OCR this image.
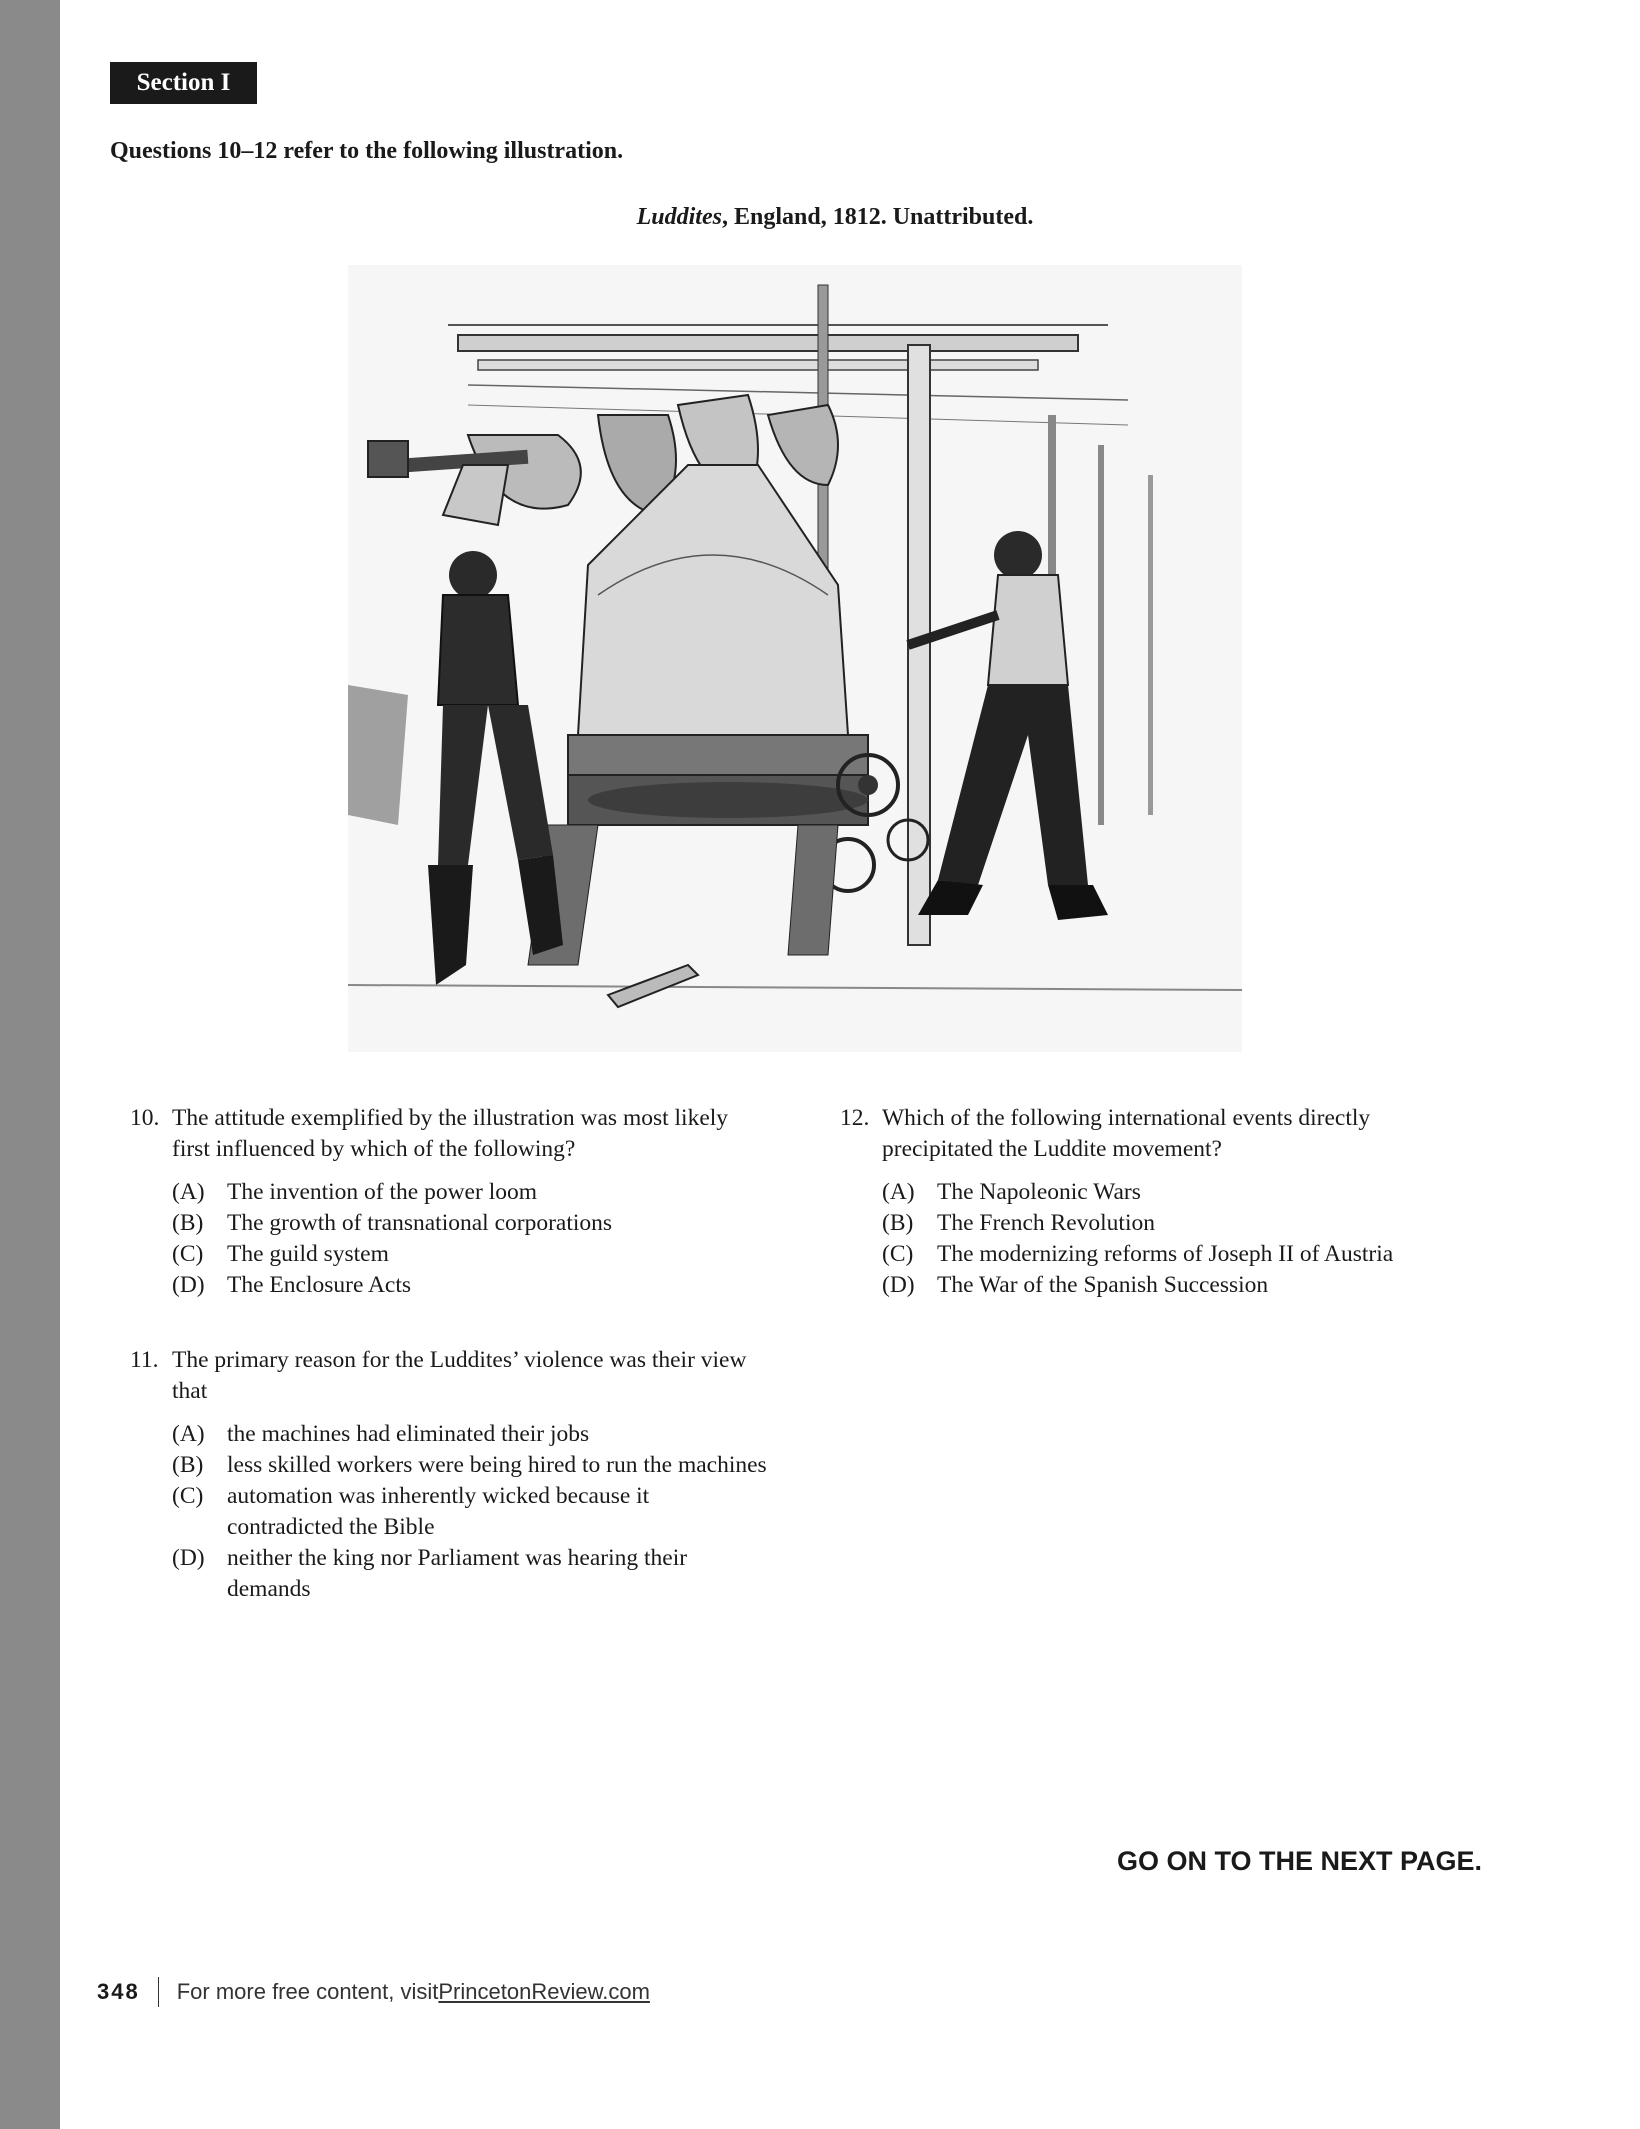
Section I
Questions 10–12 refer to the following illustration.
Luddites, England, 1812. Unattributed.
10. The attitude exemplified by the illustration was most likely first influenced by which of the following?
(A) The invention of the power loom
(B) The growth of transnational corporations
(C) The guild system
(D) The Enclosure Acts
11. The primary reason for the Luddites’ violence was their view that
(A) the machines had eliminated their jobs
(B) less skilled workers were being hired to run the machines
(C) automation was inherently wicked because it contradicted the Bible
(D) neither the king nor Parliament was hearing their demands
12. Which of the following international events directly precipitated the Luddite movement?
(A) The Napoleonic Wars
(B) The French Revolution
(C) The modernizing reforms of Joseph II of Austria
(D) The War of the Spanish Succession
GO ON TO THE NEXT PAGE.
348 For more free content, visit PrincetonReview.com
